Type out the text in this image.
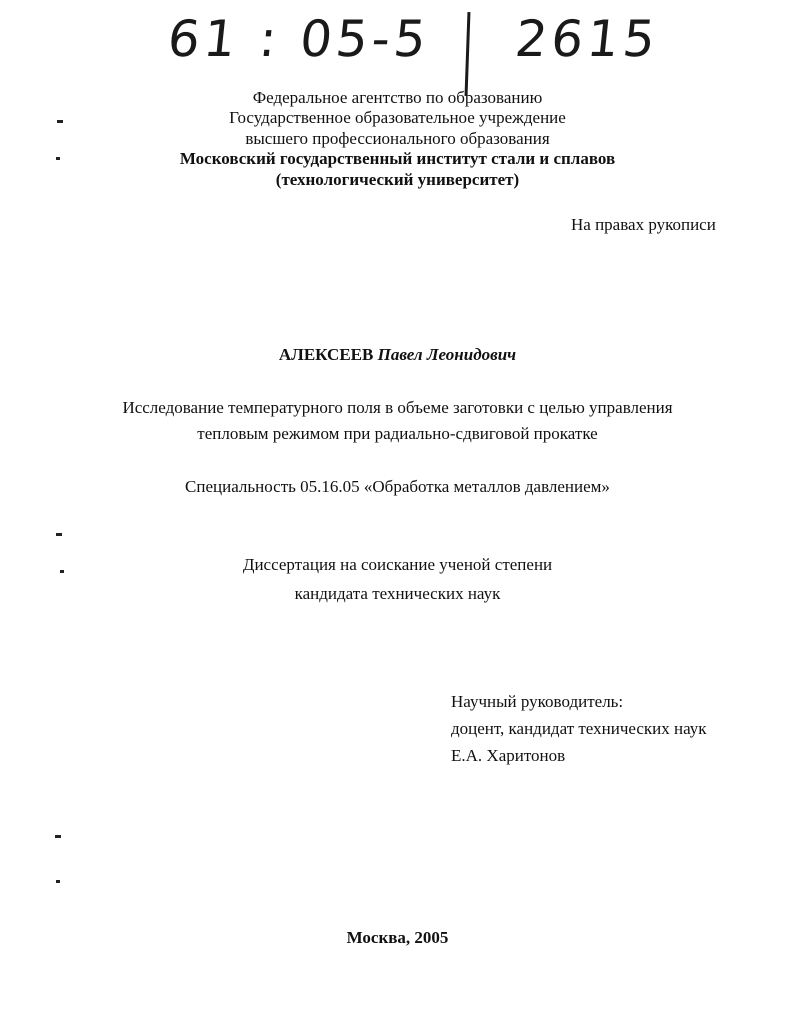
61 : 05-5 2615
Федеральное агентство по образованию
Государственное образовательное учреждение
высшего профессионального образования
Московский государственный институт стали и сплавов
(технологический университет)
На правах рукописи
АЛЕКСЕЕВ Павел Леонидович
Исследование температурного поля в объеме заготовки с целью управления
тепловым режимом при радиально-сдвиговой прокатке
Специальность 05.16.05 «Обработка металлов давлением»
Диссертация на соискание ученой степени
кандидата технических наук
Научный руководитель:
доцент, кандидат технических наук
Е.А. Харитонов
Москва, 2005
